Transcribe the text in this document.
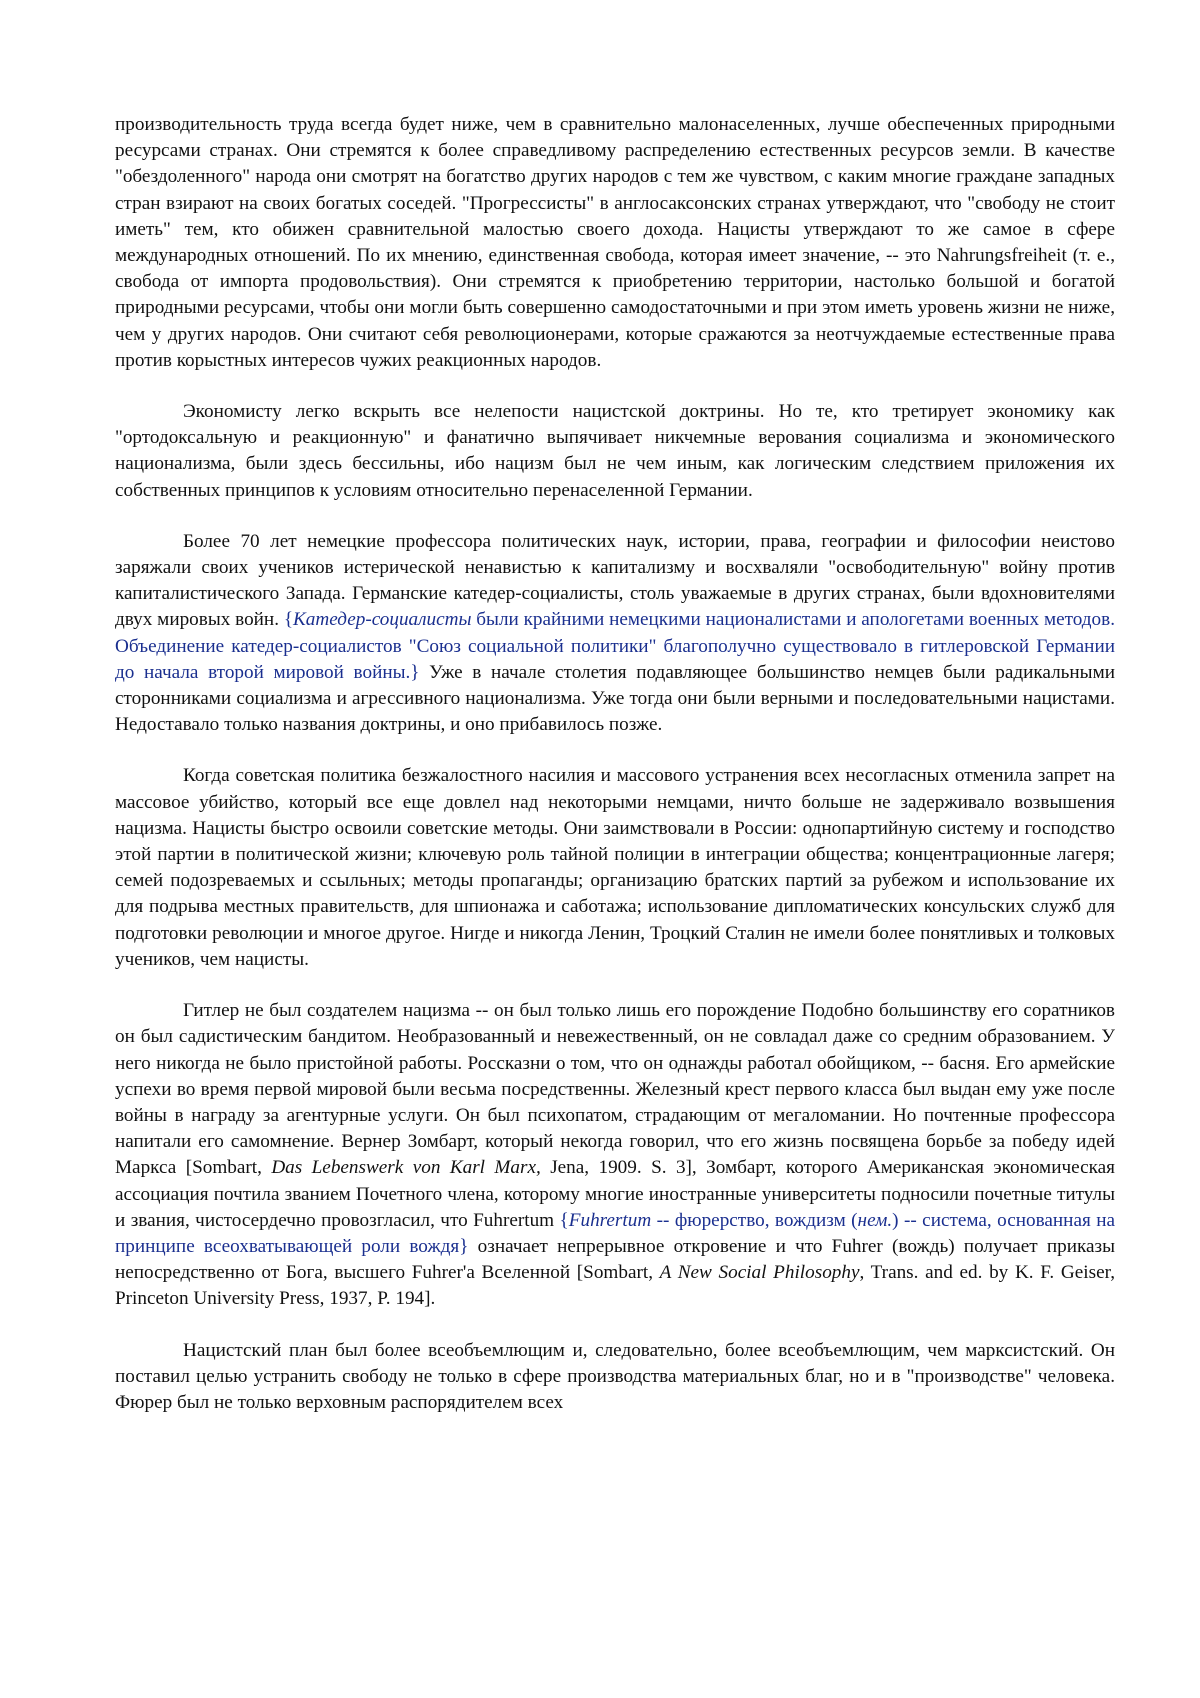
производительность труда всегда будет ниже, чем в сравнительно малонаселенных, лучше обеспеченных природными ресурсами странах. Они стремятся к более справедливому распределению естественных ресурсов земли. В качестве "обездоленного" народа они смотрят на богатство других народов с тем же чувством, с каким многие граждане западных стран взирают на своих богатых соседей. "Прогрессисты" в англосаксонских странах утверждают, что "свободу не стоит иметь" тем, кто обижен сравнительной малостью своего дохода. Нацисты утверждают то же самое в сфере международных отношений. По их мнению, единственная свобода, которая имеет значение, -- это Nahrungsfreiheit (т. е., свобода от импорта продовольствия). Они стремятся к приобретению территории, настолько большой и богатой природными ресурсами, чтобы они могли быть совершенно самодостаточными и при этом иметь уровень жизни не ниже, чем у других народов. Они считают себя революционерами, которые сражаются за неотчуждаемые естественные права против корыстных интересов чужих реакционных народов.

Экономисту легко вскрыть все нелепости нацистской доктрины. Но те, кто третирует экономику как "ортодоксальную и реакционную" и фанатично выпячивает никчемные верования социализма и экономического национализма, были здесь бессильны, ибо нацизм был не чем иным, как логическим следствием приложения их собственных принципов к условиям относительно перенаселенной Германии.

Более 70 лет немецкие профессора политических наук, истории, права, географии и философии неистово заряжали своих учеников истерической ненавистью к капитализму и восхваляли "освободительную" войну против капиталистического Запада. Германские катедер-социалисты, столь уважаемые в других странах, были вдохновителями двух мировых войн. {Катедер-социалисты были крайними немецкими националистами и апологетами военных методов. Объединение катедер-социалистов "Союз социальной политики" благополучно существовало в гитлеровской Германии до начала второй мировой войны.} Уже в начале столетия подавляющее большинство немцев были радикальными сторонниками социализма и агрессивного национализма. Уже тогда они были верными и последовательными нацистами. Недоставало только названия доктрины, и оно прибавилось позже.

Когда советская политика безжалостного насилия и массового устранения всех несогласных отменила запрет на массовое убийство, который все еще довлел над некоторыми немцами, ничто больше не задерживало возвышения нацизма. Нацисты быстро освоили советские методы. Они заимствовали в России: однопартийную систему и господство этой партии в политической жизни; ключевую роль тайной полиции в интеграции общества; концентрационные лагеря; семей подозреваемых и ссыльных; методы пропаганды; организацию братских партий за рубежом и использование их для подрыва местных правительств, для шпионажа и саботажа; использование дипломатических консульских служб для подготовки революции и многое другое. Нигде и никогда Ленин, Троцкий Сталин не имели более понятливых и толковых учеников, чем нацисты.

Гитлер не был создателем нацизма -- он был только лишь его порождение Подобно большинству его соратников он был садистическим бандитом. Необразованный и невежественный, он не совладал даже со средним образованием. У него никогда не было пристойной работы. Россказни о том, что он однажды работал обойщиком, -- басня. Его армейские успехи во время первой мировой были весьма посредственны. Железный крест первого класса был выдан ему уже после войны в награду за агентурные услуги. Он был психопатом, страдающим от мегаломании. Но почтенные профессора напитали его самомнение. Вернер Зомбарт, который некогда говорил, что его жизнь посвящена борьбе за победу идей Маркса [Sombart, Das Lebenswerk von Karl Marx, Jena, 1909. S. 3], Зомбарт, которого Американская экономическая ассоциация почтила званием Почетного члена, которому многие иностранные университеты подносили почетные титулы и звания, чистосердечно провозгласил, что Fuhrertum {Fuhrertum -- фюрерство, вождизм (нем.) -- система, основанная на принципе всеохватывающей роли вождя} означает непрерывное откровение и что Fuhrer (вождь) получает приказы непосредственно от Бога, высшего Fuhrer'а Вселенной [Sombart, A New Social Philosophy, Trans. and ed. by K. F. Geiser, Princeton University Press, 1937, P. 194].

Нацистский план был более всеобъемлющим и, следовательно, более всеобъемлющим, чем марксистский. Он поставил целью устранить свободу не только в сфере производства материальных благ, но и в "производстве" человека. Фюрер был не только верховным распорядителем всех
